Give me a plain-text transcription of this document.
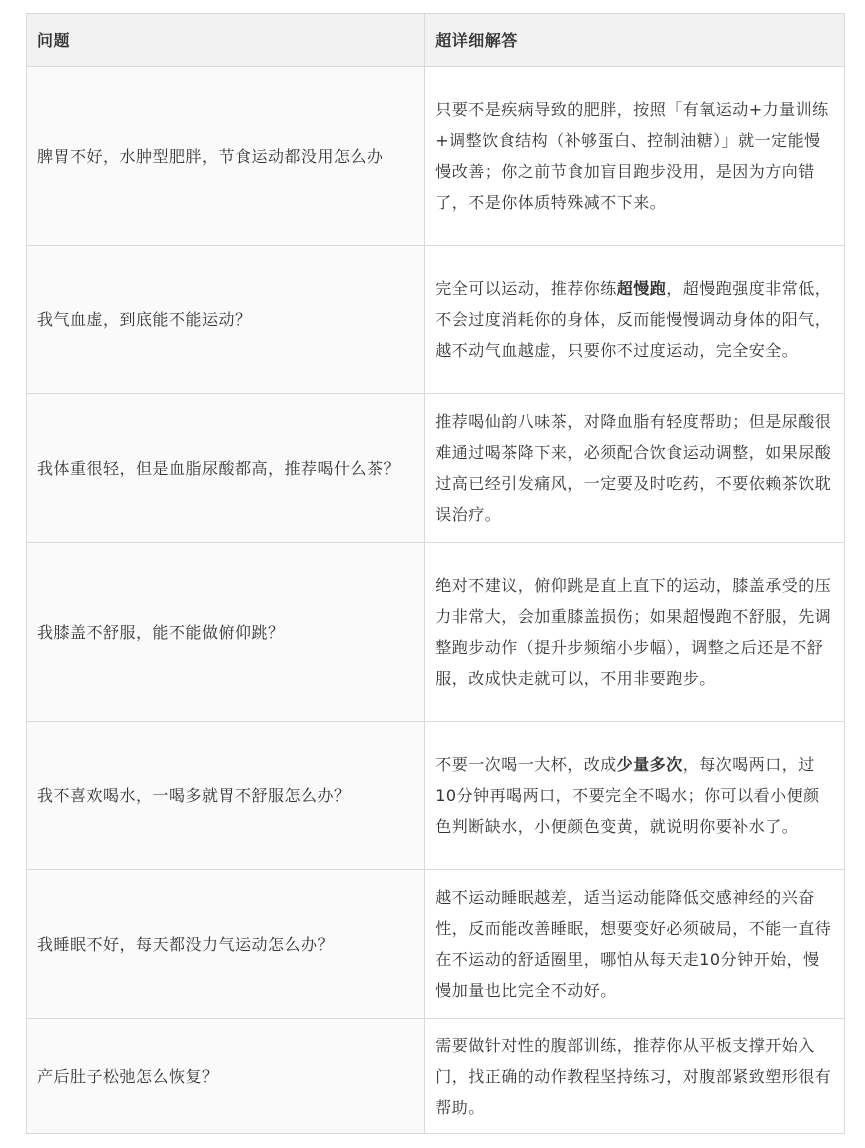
问题	超详细解答
脾胃不好，水肿型肥胖，节食运动都没用怎么办	只要不是疾病导致的肥胖，按照「有氧运动+力量训练+调整饮食结构（补够蛋白、控制油糖）」就一定能慢慢改善；你之前节食加盲目跑步没用，是因为方向错了，不是你体质特殊减不下来。
我气血虚，到底能不能运动？	完全可以运动，推荐你练超慢跑，超慢跑强度非常低，不会过度消耗你的身体，反而能慢慢调动身体的阳气，越不动气血越虚，只要你不过度运动，完全安全。
我体重很轻，但是血脂尿酸都高，推荐喝什么茶？	推荐喝仙韵八味茶，对降血脂有轻度帮助；但是尿酸很难通过喝茶降下来，必须配合饮食运动调整，如果尿酸过高已经引发痛风，一定要及时吃药，不要依赖茶饮耽误治疗。
我膝盖不舒服，能不能做俯仰跳？	绝对不建议，俯仰跳是直上直下的运动，膝盖承受的压力非常大，会加重膝盖损伤；如果超慢跑不舒服，先调整跑步动作（提升步频缩小步幅），调整之后还是不舒服，改成快走就可以，不用非要跑步。
我不喜欢喝水，一喝多就胃不舒服怎么办？	不要一次喝一大杯，改成少量多次，每次喝两口，过10分钟再喝两口，不要完全不喝水；你可以看小便颜色判断缺水，小便颜色变黄，就说明你要补水了。
我睡眠不好，每天都没力气运动怎么办？	越不运动睡眠越差，适当运动能降低交感神经的兴奋性，反而能改善睡眠，想要变好必须破局，不能一直待在不运动的舒适圈里，哪怕从每天走10分钟开始，慢慢加量也比完全不动好。
产后肚子松弛怎么恢复？	需要做针对性的腹部训练，推荐你从平板支撑开始入门，找正确的动作教程坚持练习，对腹部紧致塑形很有帮助。
